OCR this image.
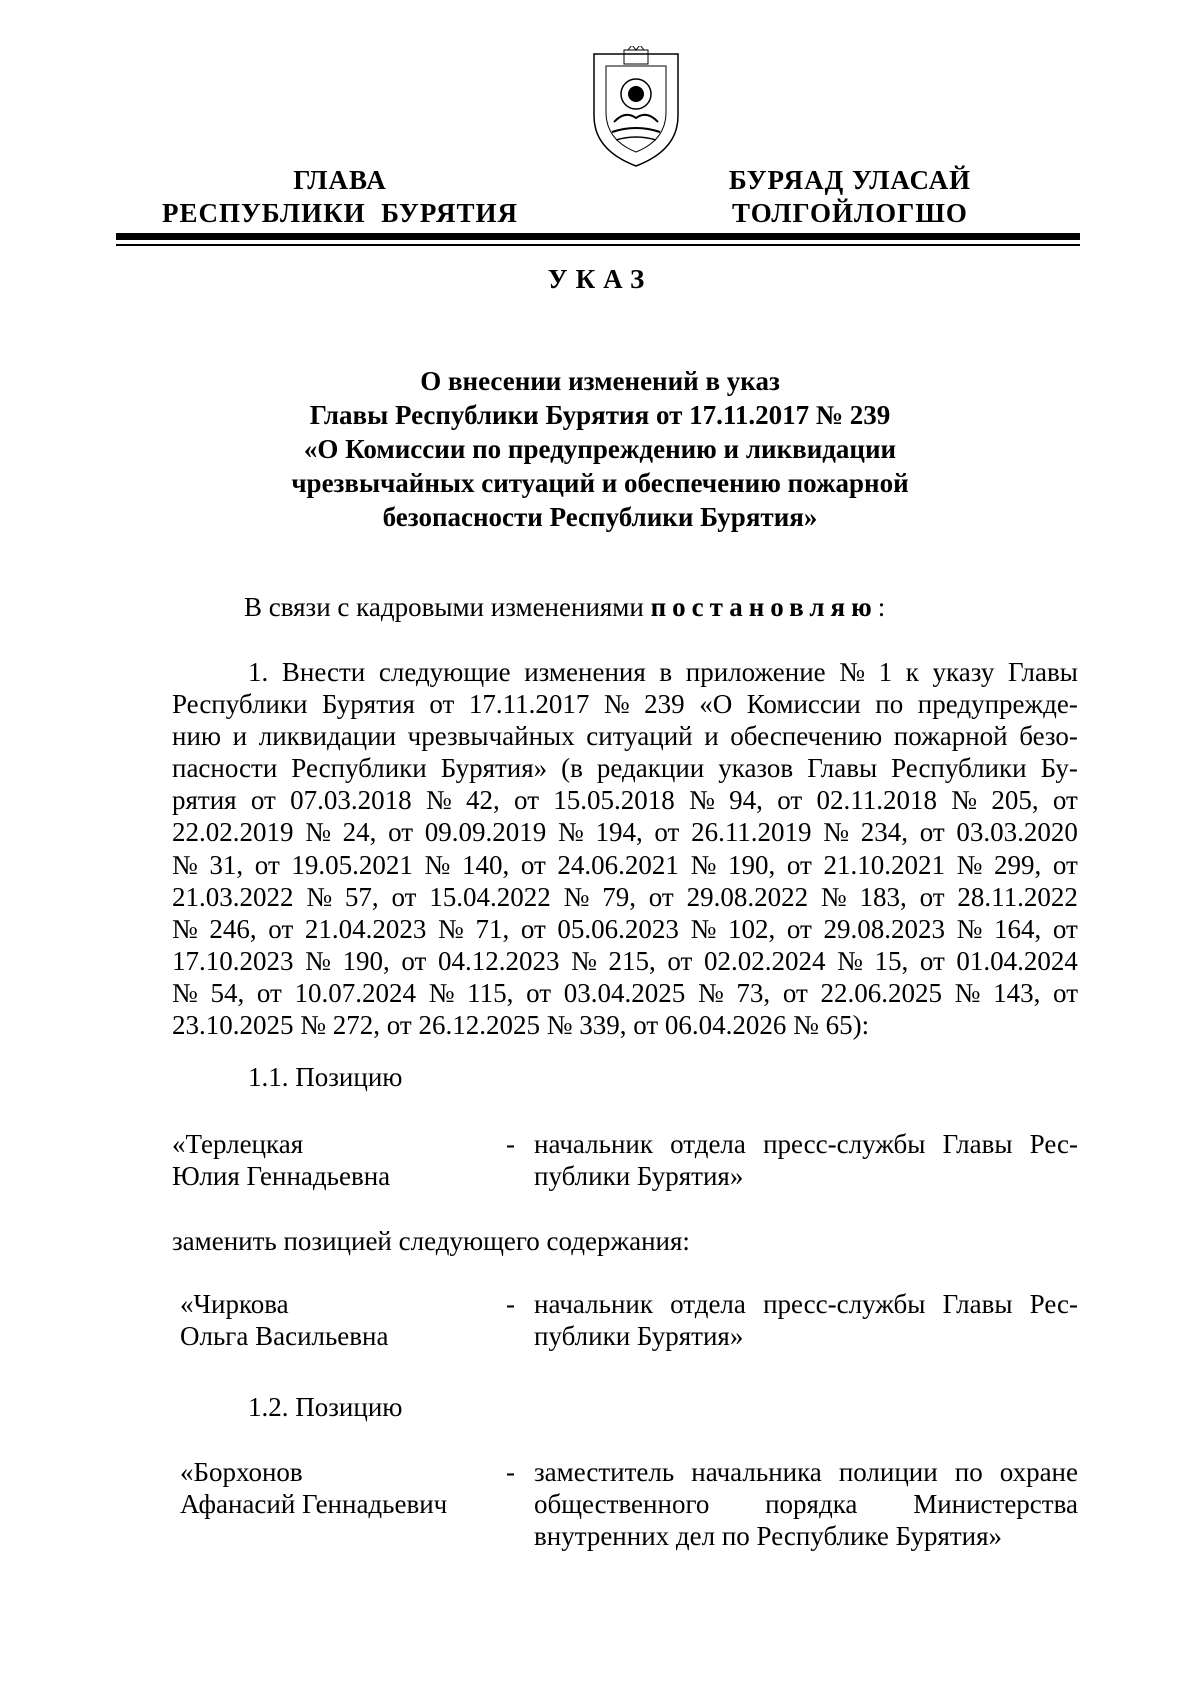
ГЛАВА
РЕСПУБЛИКИ  БУРЯТИЯ
БУРЯАД УЛАСАЙ
ТОЛГОЙЛОГШО
УКАЗ
О внесении изменений в указ
Главы Республики Бурятия от 17.11.2017 № 239
«О Комиссии по предупреждению и ликвидации
чрезвычайных ситуаций и обеспечению пожарной
безопасности Республики Бурятия»
В связи с кадровыми изменениями постановляю:
1. Внести следующие изменения в приложение № 1 к указу Главы
Республики Бурятия от 17.11.2017 № 239 «О Комиссии по предупрежде-
нию и ликвидации чрезвычайных ситуаций и обеспечению пожарной безо-
пасности Республики Бурятия» (в редакции указов Главы Республики Бу-
рятия от 07.03.2018 № 42, от 15.05.2018 № 94, от 02.11.2018 № 205, от
22.02.2019 № 24, от 09.09.2019 № 194, от 26.11.2019 № 234, от 03.03.2020
№ 31, от 19.05.2021 № 140, от 24.06.2021 № 190, от 21.10.2021 № 299, от
21.03.2022 № 57, от 15.04.2022 № 79, от 29.08.2022 № 183, от 28.11.2022
№ 246, от 21.04.2023 № 71, от 05.06.2023 № 102, от 29.08.2023 № 164, от
17.10.2023 № 190, от 04.12.2023 № 215, от 02.02.2024 № 15, от 01.04.2024
№ 54, от 10.07.2024 № 115, от 03.04.2025 № 73, от 22.06.2025 № 143, от
23.10.2025 № 272, от 26.12.2025 № 339, от 06.04.2026 № 65):
1.1. Позицию
«Терлецкая
Юлия Геннадьевна
- начальник отдела пресс-службы Главы Рес-
публики Бурятия»
заменить позицией следующего содержания:
«Чиркова
Ольга Васильевна
- начальник отдела пресс-службы Главы Рес-
публики Бурятия»
1.2. Позицию
«Борхонов
Афанасий Геннадьевич
- заместитель начальника полиции по охране
общественного порядка Министерства
внутренних дел по Республике Бурятия»
